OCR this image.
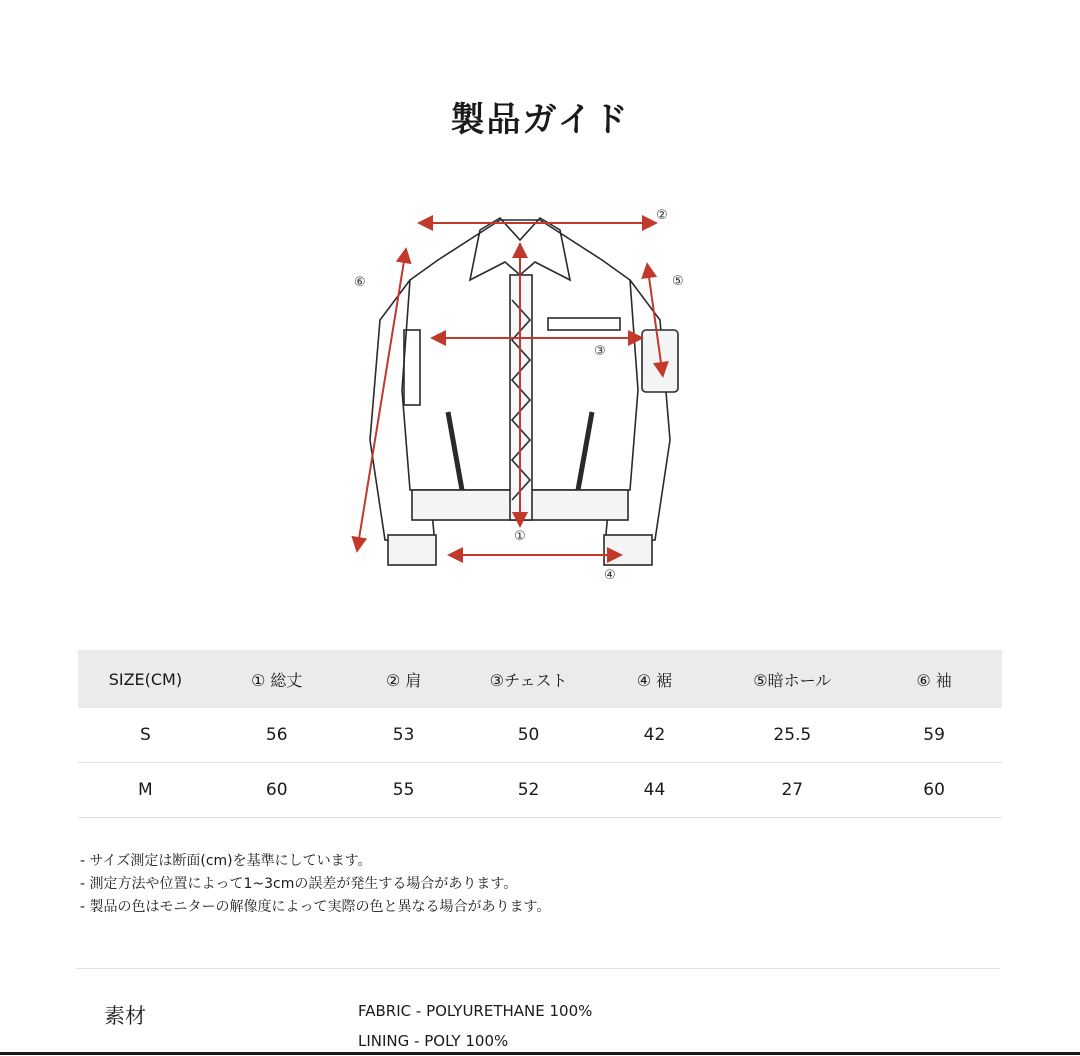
製品ガイド
①
②
③
④
⑤
⑥
SIZE(CM)	① 総丈	② 肩	③チェスト	④ 裾	⑤暗ホール	⑥ 袖
S	56	53	50	42	25.5	59
M	60	55	52	44	27	60
- サイズ測定は断面(cm)を基準にしています。
- 測定方法や位置によって1~3cmの誤差が発生する場合があります。
- 製品の色はモニターの解像度によって実際の色と異なる場合があります。
素材	FABRIC - POLYURETHANE 100%
LINING - POLY 100%
